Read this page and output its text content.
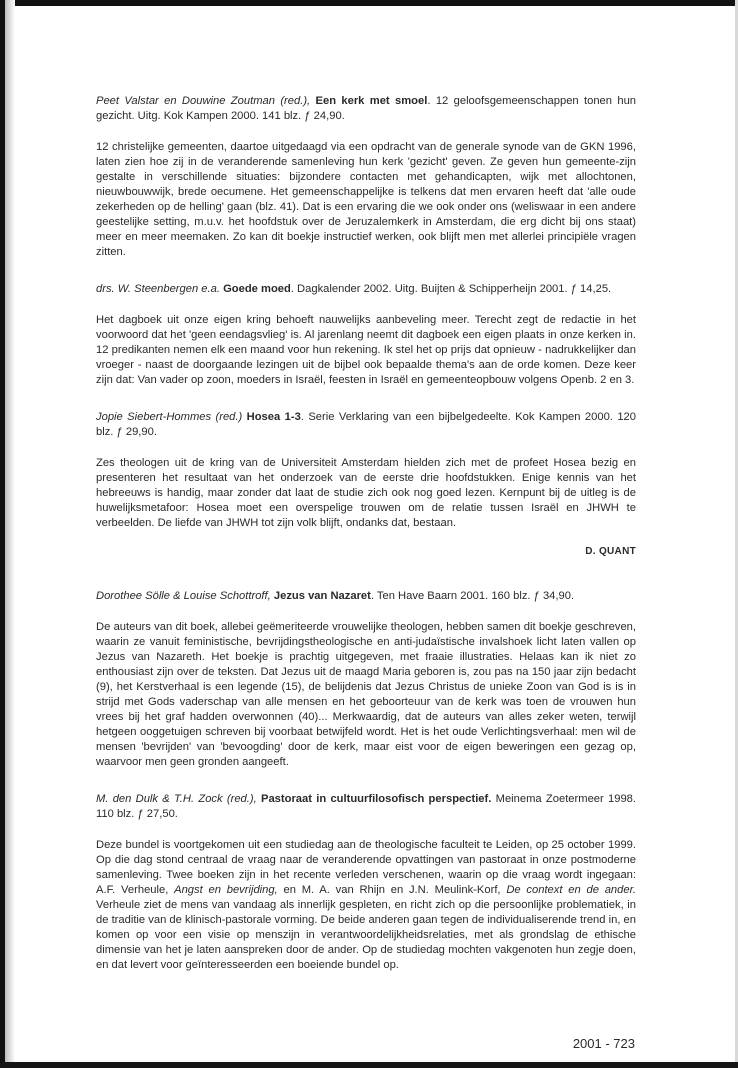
Peet Valstar en Douwine Zoutman (red.), Een kerk met smoel. 12 geloofsgemeenschappen tonen hun gezicht. Uitg. Kok Kampen 2000. 141 blz. ƒ 24,90.

12 christelijke gemeenten, daartoe uitgedaagd via een opdracht van de generale synode van de GKN 1996, laten zien hoe zij in de veranderende samenleving hun kerk 'gezicht' geven. Ze geven hun gemeente-zijn gestalte in verschillende situaties: bijzondere contacten met gehandicapten, wijk met allochtonen, nieuwbouwwijk, brede oecumene. Het gemeenschappelijke is telkens dat men ervaren heeft dat 'alle oude zekerheden op de helling' gaan (blz. 41). Dat is een ervaring die we ook onder ons (weliswaar in een andere geestelijke setting, m.u.v. het hoofdstuk over de Jeruzalemkerk in Amsterdam, die erg dicht bij ons staat) meer en meer meemaken. Zo kan dit boekje instructief werken, ook blijft men met allerlei principiële vragen zitten.

drs. W. Steenbergen e.a. Goede moed. Dagkalender 2002. Uitg. Buijten & Schipperheijn 2001. ƒ 14,25.

Het dagboek uit onze eigen kring behoeft nauwelijks aanbeveling meer. Terecht zegt de redactie in het voorwoord dat het 'geen eendagsvlieg' is. Al jarenlang neemt dit dagboek een eigen plaats in onze kerken in. 12 predikanten nemen elk een maand voor hun rekening. Ik stel het op prijs dat opnieuw - nadrukkelijker dan vroeger - naast de doorgaande lezingen uit de bijbel ook bepaalde thema's aan de orde komen. Deze keer zijn dat: Van vader op zoon, moeders in Israël, feesten in Israël en gemeenteopbouw volgens Openb. 2 en 3.

Jopie Siebert-Hommes (red.) Hosea 1-3. Serie Verklaring van een bijbelgedeelte. Kok Kampen 2000. 120 blz. ƒ 29,90.

Zes theologen uit de kring van de Universiteit Amsterdam hielden zich met de profeet Hosea bezig en presenteren het resultaat van het onderzoek van de eerste drie hoofdstukken. Enige kennis van het hebreeuws is handig, maar zonder dat laat de studie zich ook nog goed lezen. Kernpunt bij de uitleg is de huwelijksmetafoor: Hosea moet een overspelige trouwen om de relatie tussen Israël en JHWH te verbeelden. De liefde van JHWH tot zijn volk blijft, ondanks dat, bestaan.

D. QUANT

Dorothee Sölle & Louise Schottroff, Jezus van Nazaret. Ten Have Baarn 2001. 160 blz. ƒ 34,90.

De auteurs van dit boek, allebei geëmeriteerde vrouwelijke theologen, hebben samen dit boekje geschreven, waarin ze vanuit feministische, bevrijdingstheologische en anti-judaïstische invalshoek licht laten vallen op Jezus van Nazareth. Het boekje is prachtig uitgegeven, met fraaie illustraties. Helaas kan ik niet zo enthousiast zijn over de teksten. Dat Jezus uit de maagd Maria geboren is, zou pas na 150 jaar zijn bedacht (9), het Kerstverhaal is een legende (15), de belijdenis dat Jezus Christus de unieke Zoon van God is is in strijd met Gods vaderschap van alle mensen en het geboorteuur van de kerk was toen de vrouwen hun vrees bij het graf hadden overwonnen (40)... Merkwaardig, dat de auteurs van alles zeker weten, terwijl hetgeen ooggetuigen schreven bij voorbaat betwijfeld wordt. Het is het oude Verlichtingsverhaal: men wil de mensen 'bevrijden' van 'bevoogding' door de kerk, maar eist voor de eigen beweringen een gezag op, waarvoor men geen gronden aangeeft.

M. den Dulk & T.H. Zock (red.), Pastoraat in cultuurfilosofisch perspectief. Meinema Zoetermeer 1998. 110 blz. ƒ 27,50.

Deze bundel is voortgekomen uit een studiedag aan de theologische faculteit te Leiden, op 25 october 1999. Op die dag stond centraal de vraag naar de veranderende opvattingen van pastoraat in onze postmoderne samenleving. Twee boeken zijn in het recente verleden verschenen, waarin op die vraag wordt ingegaan: A.F. Verheule, Angst en bevrijding, en M. A. van Rhijn en J.N. Meulink-Korf, De context en de ander. Verheule ziet de mens van vandaag als innerlijk gespleten, en richt zich op die persoonlijke problematiek, in de traditie van de klinisch-pastorale vorming. De beide anderen gaan tegen de individualiserende trend in, en komen op voor een visie op menszijn in verantwoordelijkheidsrelaties, met als grondslag de ethische dimensie van het je laten aanspreken door de ander. Op de studiedag mochten vakgenoten hun zegje doen, en dat levert voor geïnteresseerden een boeiende bundel op.

2001 - 723
